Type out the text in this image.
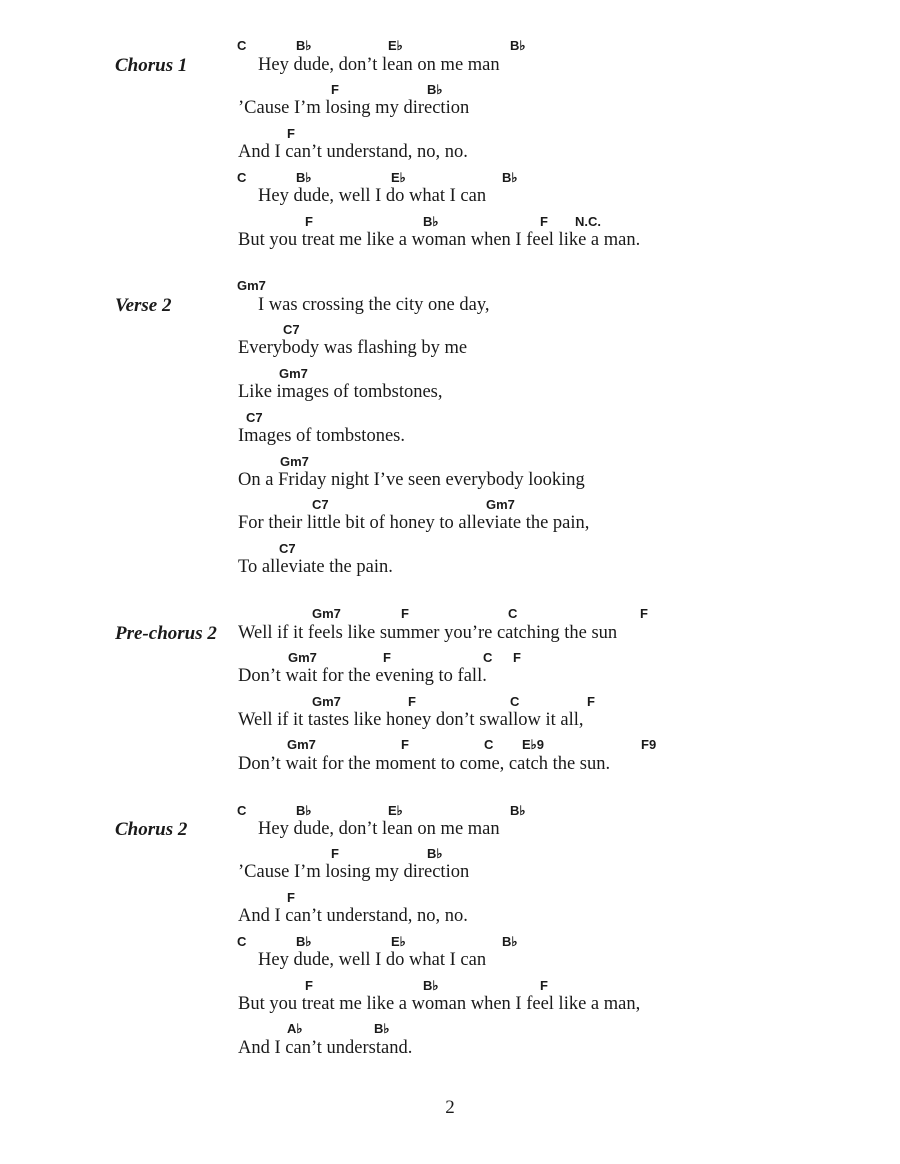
Chorus 1
C	B♭	E♭	B♭
Hey dude, don’t lean on me man
F	B♭
’Cause I’m losing my direction
F
And I can’t understand, no, no.
C	B♭	E♭	B♭
Hey dude, well I do what I can
F	B♭	F N.C.
But you treat me like a woman when I feel like a man.
Verse 2
Gm7
I was crossing the city one day,
C7
Everybody was flashing by me
Gm7
Like images of tombstones,
C7
Images of tombstones.
Gm7
On a Friday night I’ve seen everybody looking
C7	Gm7
For their little bit of honey to alleviate the pain,
C7
To alleviate the pain.
Pre-chorus 2
Gm7	F	C	F
Well if it feels like summer you’re catching the sun
Gm7	F	C F
Don’t wait for the evening to fall.
Gm7	F	C	F
Well if it tastes like honey don’t swallow it all,
Gm7	F	C E♭9	F9
Don’t wait for the moment to come, catch the sun.
Chorus 2
C	B♭	E♭	B♭
Hey dude, don’t lean on me man
F	B♭
’Cause I’m losing my direction
F
And I can’t understand, no, no.
C	B♭	E♭	B♭
Hey dude, well I do what I can
F	B♭	F
But you treat me like a woman when I feel like a man,
A♭	B♭
And I can’t understand.
2
